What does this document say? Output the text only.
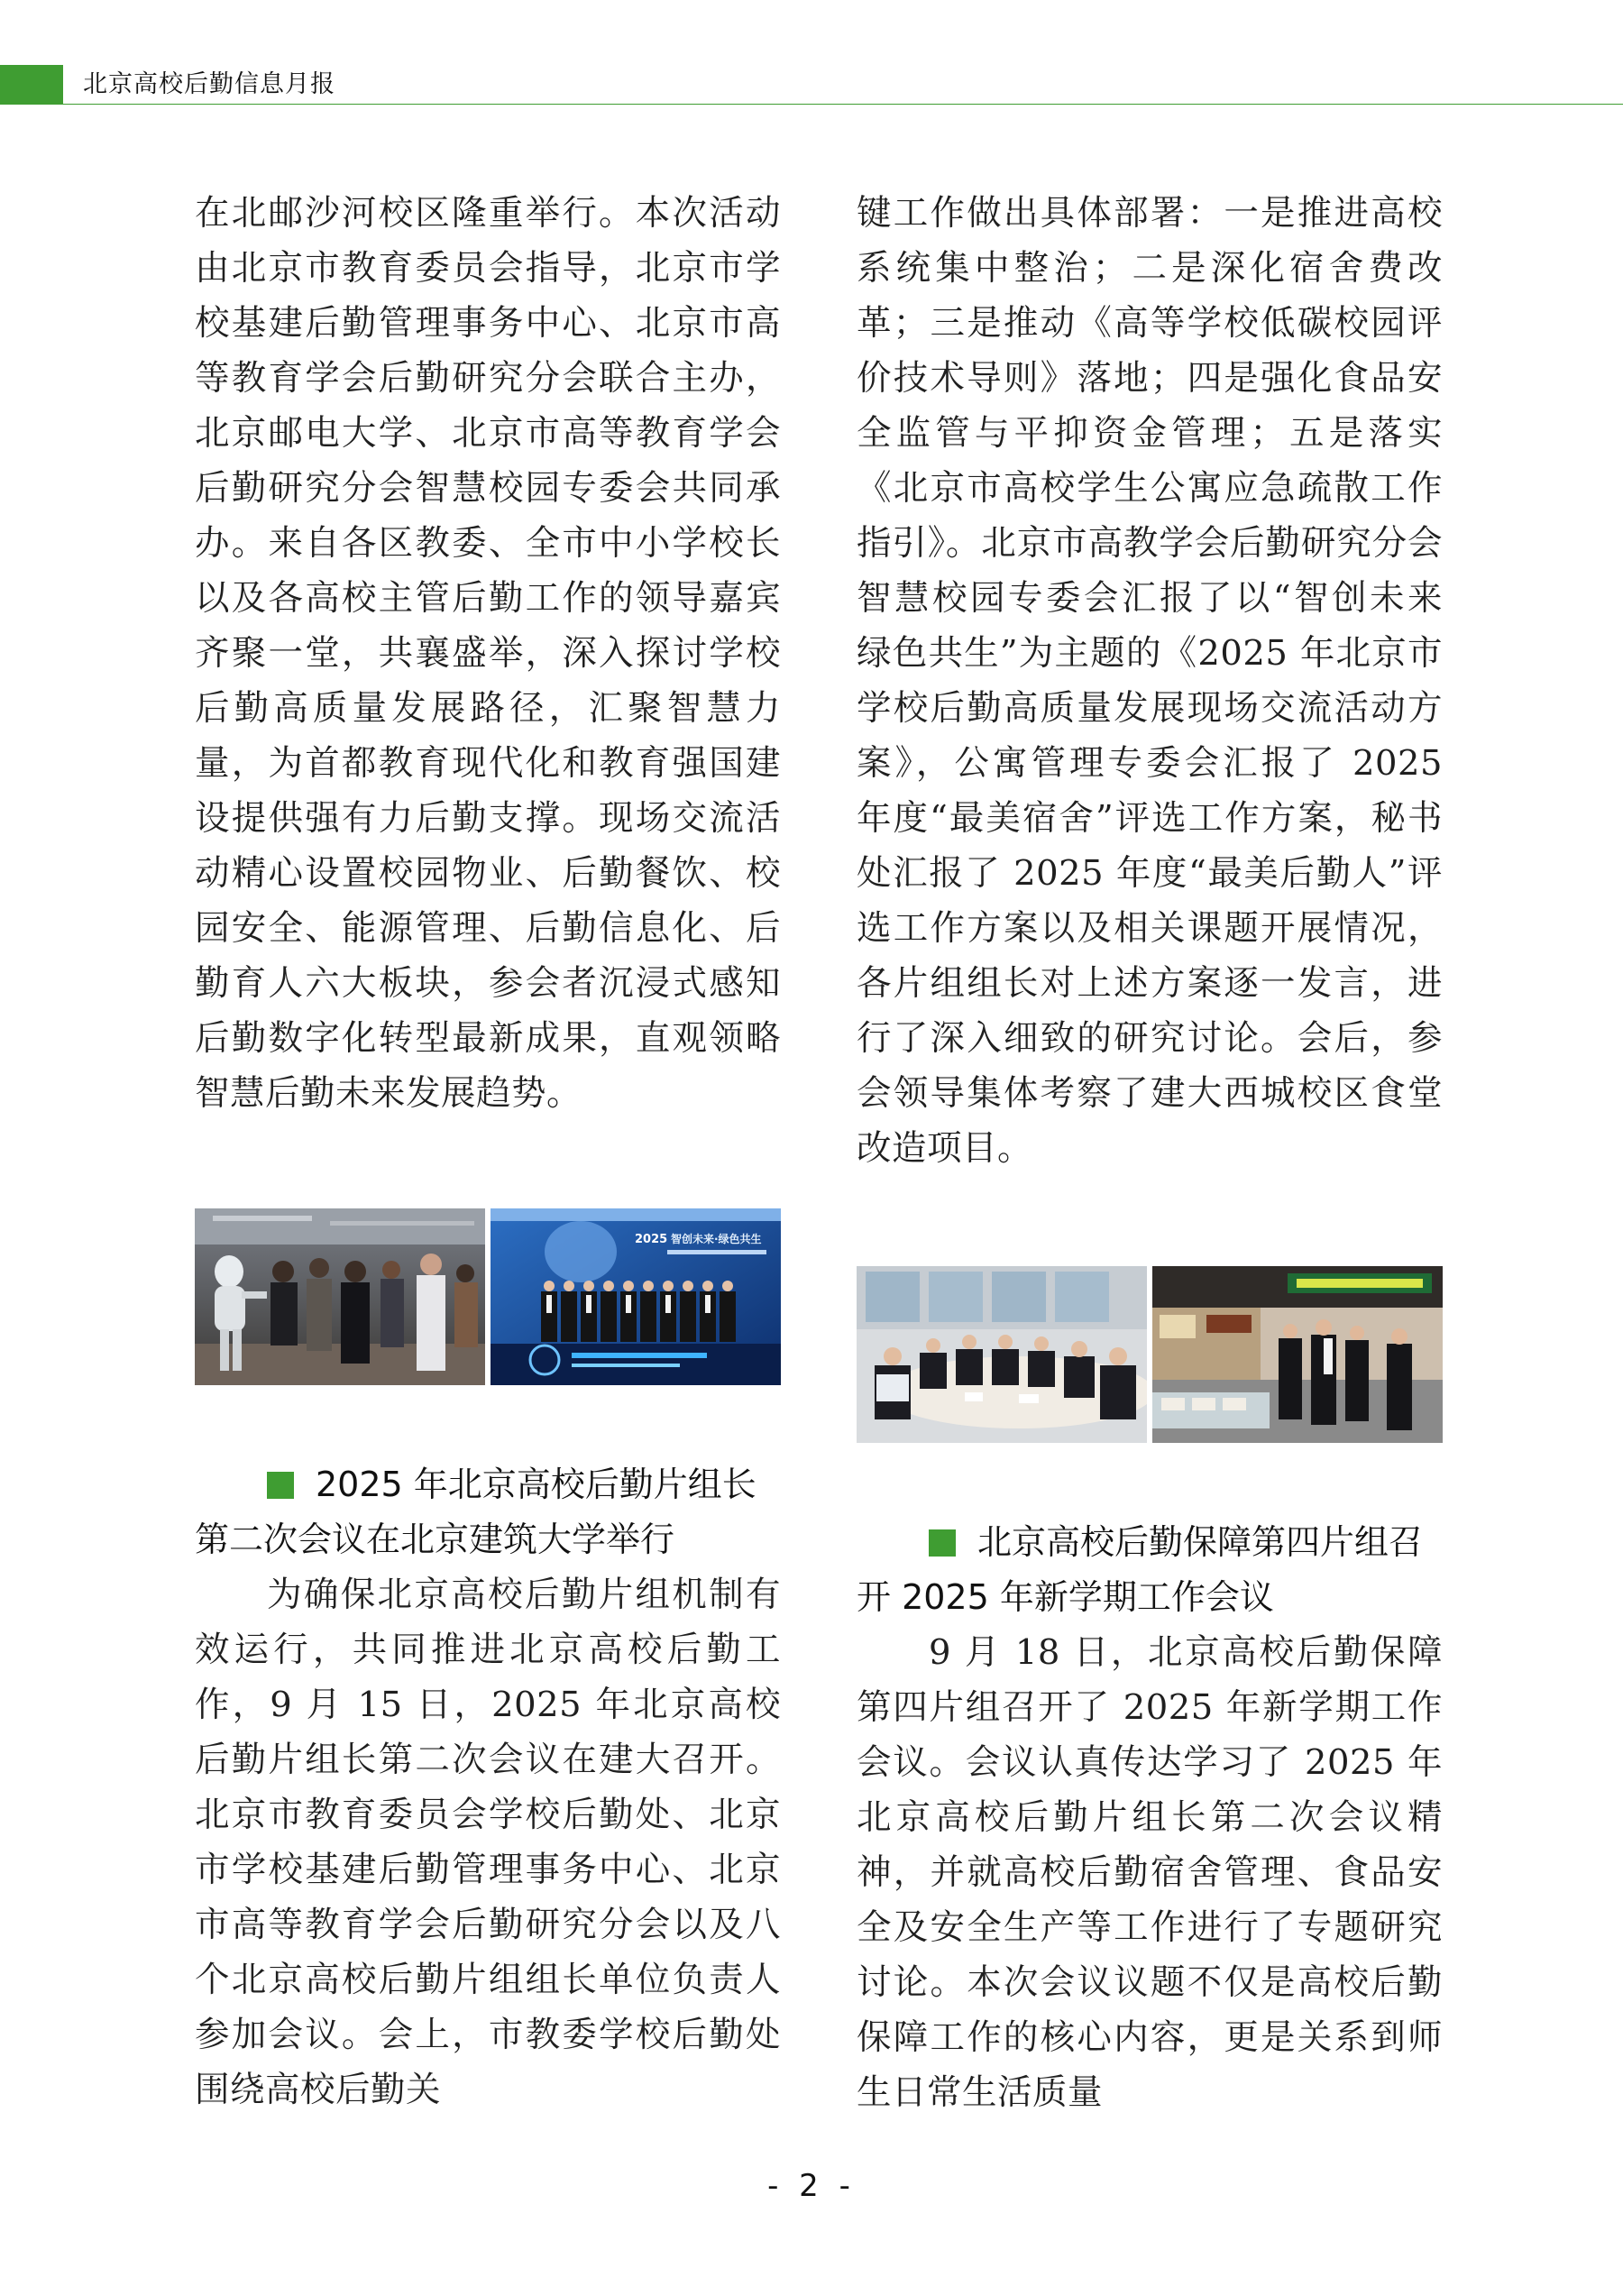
北京高校后勤信息月报

在北邮沙河校区隆重举行。本次活动由北京市教育委员会指导，北京市学校基建后勤管理事务中心、北京市高等教育学会后勤研究分会联合主办，北京邮电大学、北京市高等教育学会后勤研究分会智慧校园专委会共同承办。来自各区教委、全市中小学校长以及各高校主管后勤工作的领导嘉宾齐聚一堂，共襄盛举，深入探讨学校后勤高质量发展路径，汇聚智慧力量，为首都教育现代化和教育强国建设提供强有力后勤支撑。现场交流活动精心设置校园物业、后勤餐饮、校园安全、能源管理、后勤信息化、后勤育人六大板块，参会者沉浸式感知后勤数字化转型最新成果，直观领略智慧后勤未来发展趋势。

2025 智创未来·绿色共生

2025 年北京高校后勤片组长第二次会议在北京建筑大学举行

为确保北京高校后勤片组机制有效运行，共同推进北京高校后勤工作，9 月 15 日，2025 年北京高校后勤片组长第二次会议在建大召开。北京市教育委员会学校后勤处、北京市学校基建后勤管理事务中心、北京市高等教育学会后勤研究分会以及八个北京高校后勤片组组长单位负责人参加会议。会上，市教委学校后勤处围绕高校后勤关

键工作做出具体部署：一是推进高校系统集中整治；二是深化宿舍费改革；三是推动《高等学校低碳校园评价技术导则》落地；四是强化食品安全监管与平抑资金管理；五是落实《北京市高校学生公寓应急疏散工作指引》。北京市高教学会后勤研究分会智慧校园专委会汇报了以“智创未来　绿色共生”为主题的《2025 年北京市学校后勤高质量发展现场交流活动方案》，公寓管理专委会汇报了 2025 年度“最美宿舍”评选工作方案，秘书处汇报了 2025 年度“最美后勤人”评选工作方案以及相关课题开展情况，各片组组长对上述方案逐一发言，进行了深入细致的研究讨论。会后，参会领导集体考察了建大西城校区食堂改造项目。

北京高校后勤保障第四片组召开 2025 年新学期工作会议

9 月 18 日，北京高校后勤保障第四片组召开了 2025 年新学期工作会议。会议认真传达学习了 2025 年北京高校后勤片组长第二次会议精神，并就高校后勤宿舍管理、食品安全及安全生产等工作进行了专题研究讨论。本次会议议题不仅是高校后勤保障工作的核心内容，更是关系到师生日常生活质量

- 2 -
